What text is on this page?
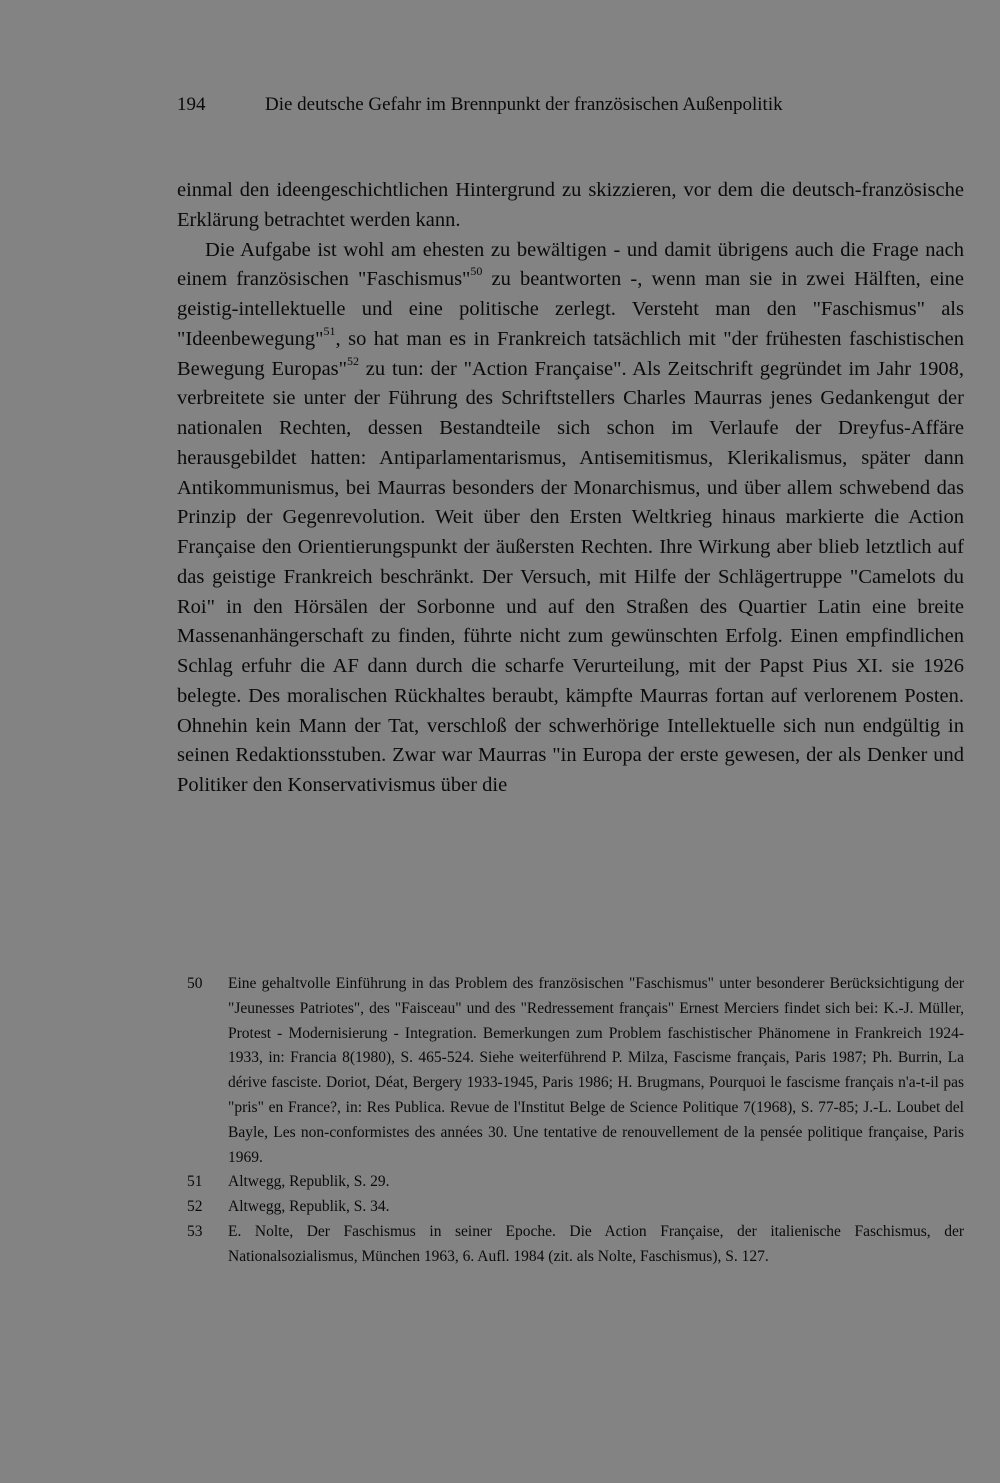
194	Die deutsche Gefahr im Brennpunkt der französischen Außenpolitik

einmal den ideengeschichtlichen Hintergrund zu skizzieren, vor dem die deutsch-französische Erklärung betrachtet werden kann.

Die Aufgabe ist wohl am ehesten zu bewältigen - und damit übrigens auch die Frage nach einem französischen "Faschismus"$^{50}$ zu beantworten -, wenn man sie in zwei Hälften, eine geistig-intellektuelle und eine politische zerlegt. Versteht man den "Faschismus" als "Ideenbewegung"$^{51}$, so hat man es in Frankreich tatsächlich mit "der frühesten faschistischen Bewegung Europas"$^{52}$ zu tun: der "Action Française". Als Zeitschrift gegründet im Jahr 1908, verbreitete sie unter der Führung des Schriftstellers Charles Maurras jenes Gedankengut der nationalen Rechten, dessen Bestandteile sich schon im Verlaufe der Dreyfus-Affäre herausgebildet hatten: Antiparlamentarismus, Antisemitismus, Klerikalismus, später dann Antikommunismus, bei Maurras besonders der Monarchismus, und über allem schwebend das Prinzip der Gegenrevolution. Weit über den Ersten Weltkrieg hinaus markierte die Action Française den Orientierungspunkt der äußersten Rechten. Ihre Wirkung aber blieb letztlich auf das geistige Frankreich beschränkt. Der Versuch, mit Hilfe der Schlägertruppe "Camelots du Roi" in den Hörsälen der Sorbonne und auf den Straßen des Quartier Latin eine breite Massenanhängerschaft zu finden, führte nicht zum gewünschten Erfolg. Einen empfindlichen Schlag erfuhr die AF dann durch die scharfe Verurteilung, mit der Papst Pius XI. sie 1926 belegte. Des moralischen Rückhaltes beraubt, kämpfte Maurras fortan auf verlorenem Posten. Ohnehin kein Mann der Tat, verschloß der schwerhörige Intellektuelle sich nun endgültig in seinen Redaktionsstuben. Zwar war Maurras "in Europa der erste gewesen, der als Denker und Politiker den Konservativismus über die

50	Eine gehaltvolle Einführung in das Problem des französischen "Faschismus" unter besonderer Berücksichtigung der "Jeunesses Patriotes", des "Faisceau" und des "Redressement français" Ernest Merciers findet sich bei: K.-J. Müller, Protest - Modernisierung - Integration. Bemerkungen zum Problem faschistischer Phänomene in Frankreich 1924-1933, in: Francia 8(1980), S. 465-524. Siehe weiterführend P. Milza, Fascisme français, Paris 1987; Ph. Burrin, La dérive fasciste. Doriot, Déat, Bergery 1933-1945, Paris 1986; H. Brugmans, Pourquoi le fascisme français n'a-t-il pas "pris" en France?, in: Res Publica. Revue de l'Institut Belge de Science Politique 7(1968), S. 77-85; J.-L. Loubet del Bayle, Les non-conformistes des années 30. Une tentative de renouvellement de la pensée politique française, Paris 1969.
51	Altwegg, Republik, S. 29.
52	Altwegg, Republik, S. 34.
53	E. Nolte, Der Faschismus in seiner Epoche. Die Action Française, der italienische Faschismus, der Nationalsozialismus, München 1963, 6. Aufl. 1984 (zit. als Nolte, Faschismus), S. 127.
